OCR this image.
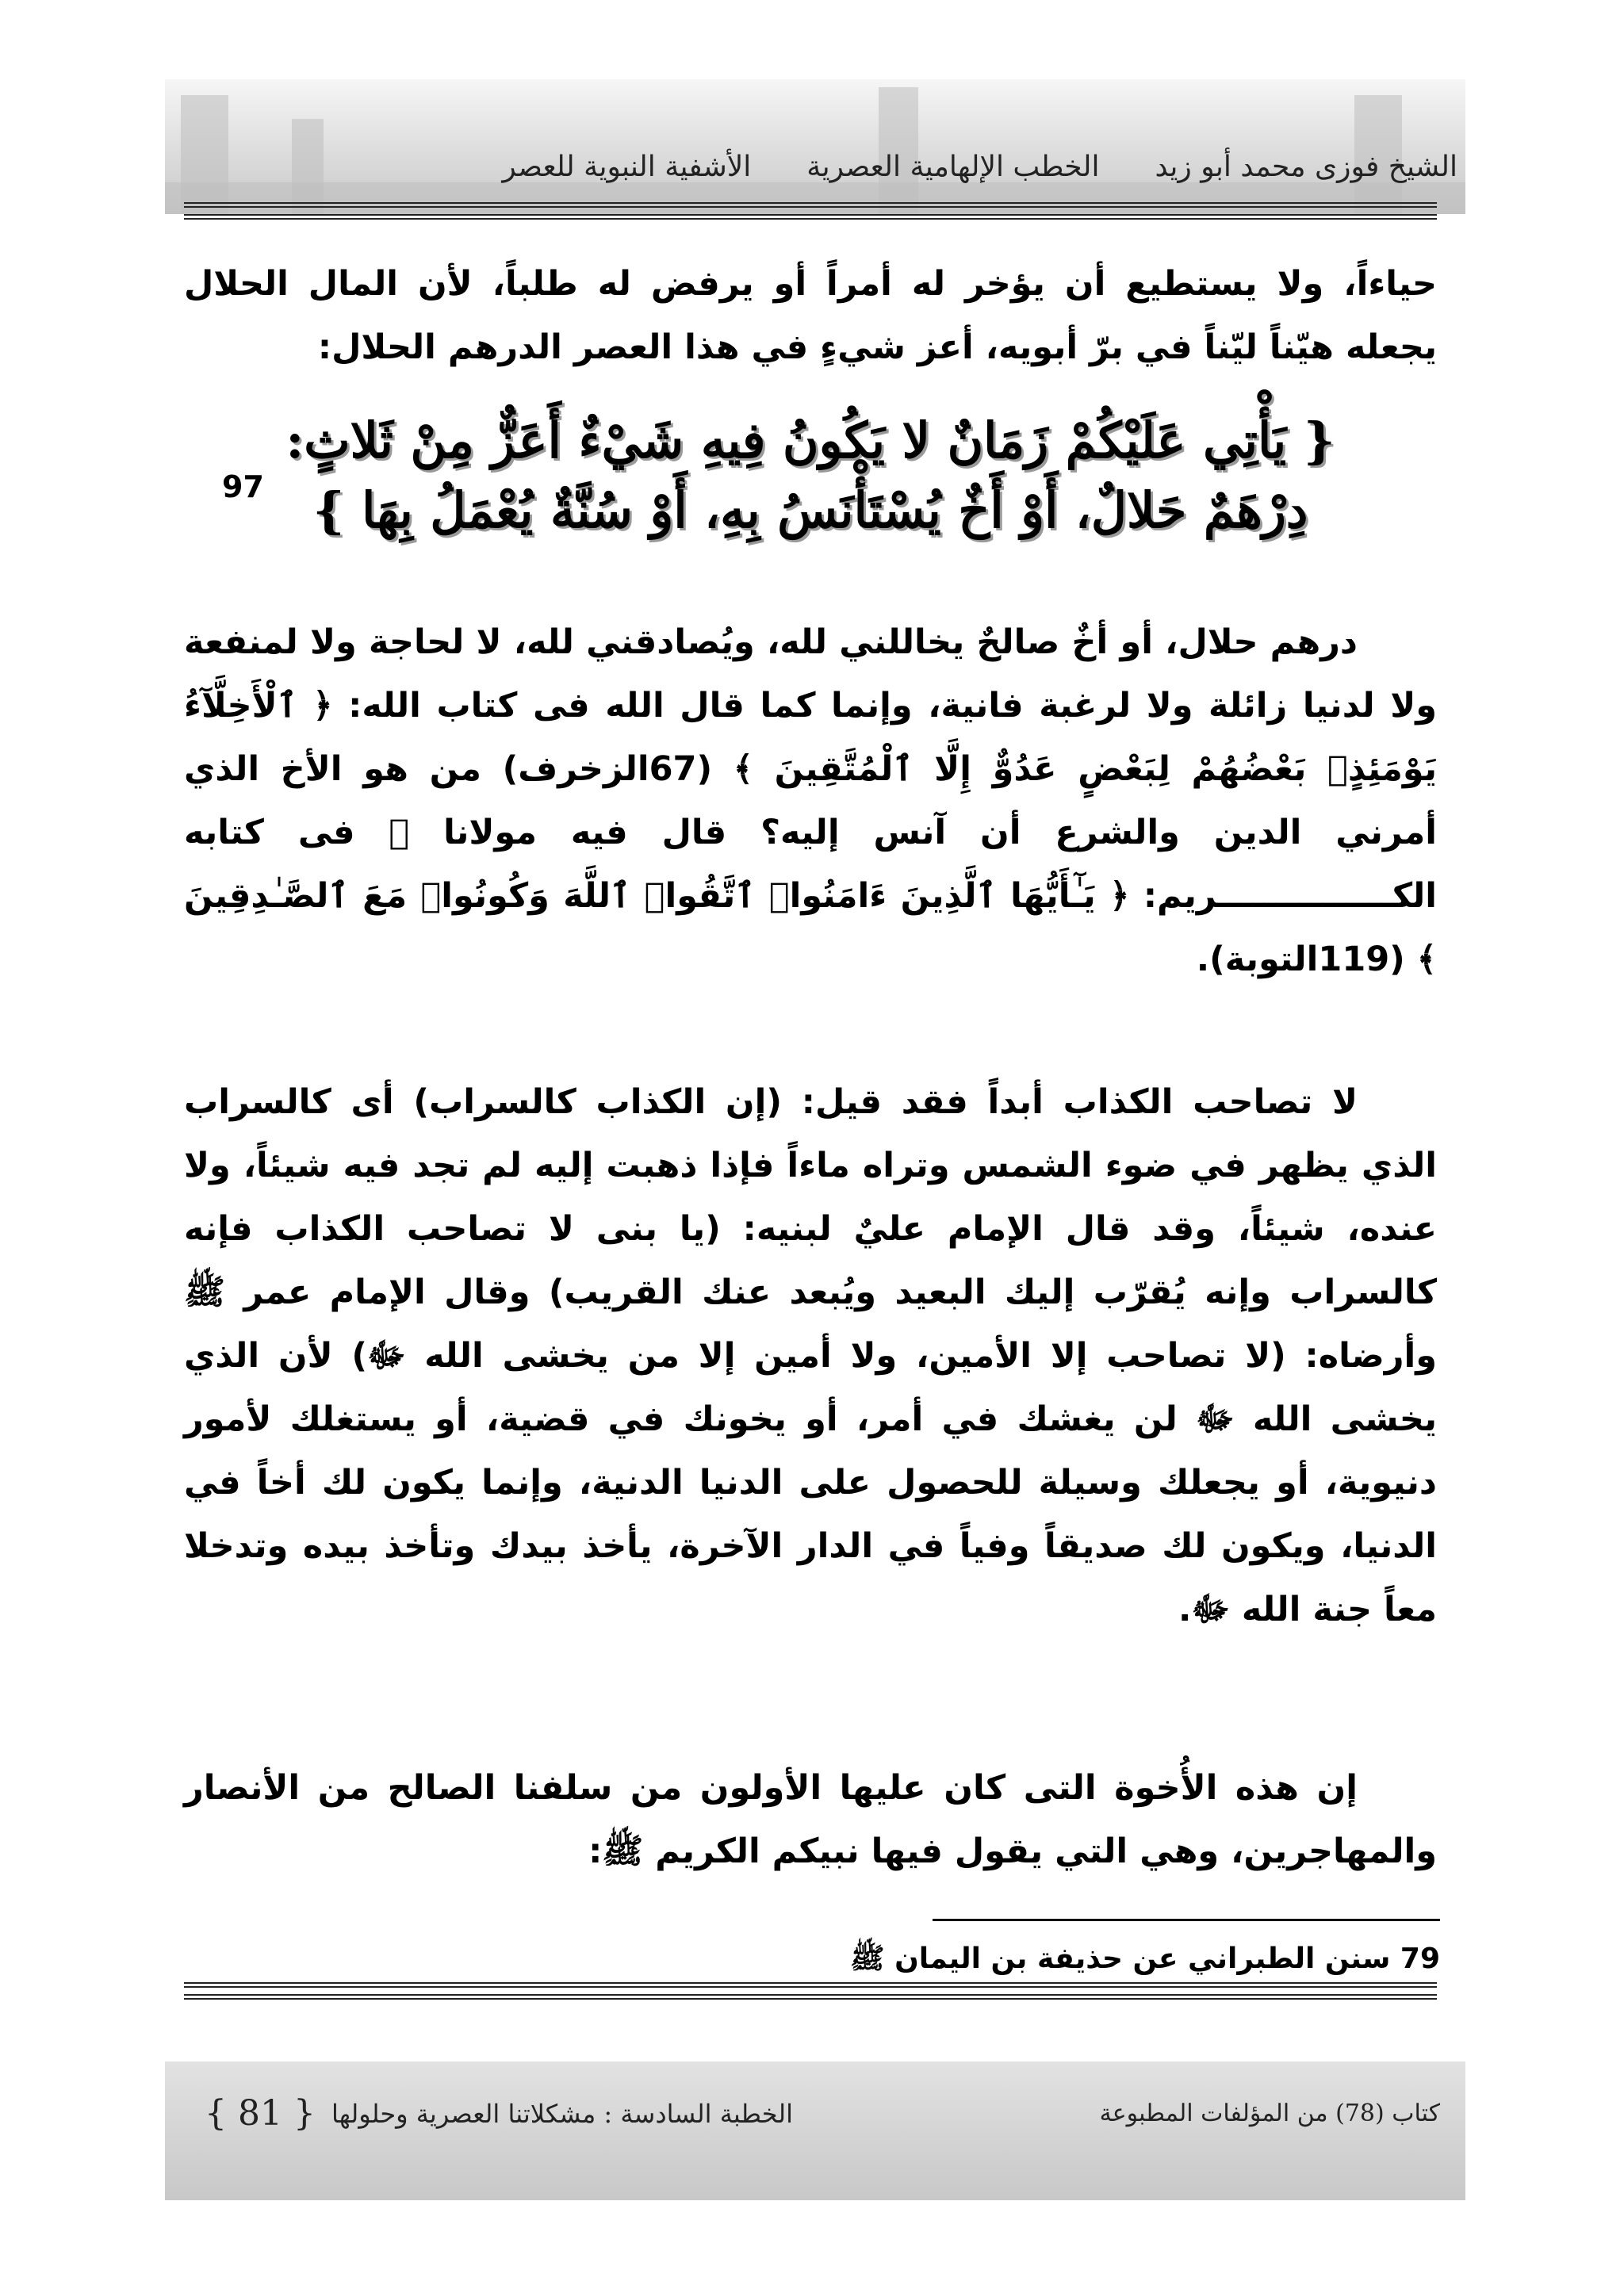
الشيخ فوزى محمد أبو زيد
الخطب الإلهامية العصرية
الأشفية النبوية للعصر
حياءاً، ولا يستطيع أن يؤخر له أمراً أو يرفض له طلباً، لأن المال الحلال
يجعله هيّناً ليّناً في برّ أبويه، أعز شيءٍ في هذا العصر الدرهم الحلال:
{ يَأْتِي عَلَيْكُمْ زَمَانٌ لا يَكُونُ فِيهِ شَيْءٌ أَعَزٌّ مِنْ ثَلاثٍ:
دِرْهَمٌ حَلالٌ، أَوْ أَخٌ يُسْتَأْنَسُ بِهِ، أَوْ سُنَّةٌ يُعْمَلُ بِهَا }
97
درهم حلال، أو أخٌ صالحٌ يخاللني لله، ويُصادقني لله، لا لحاجة ولا لمنفعة ولا لدنيا زائلة ولا لرغبة فانية، وإنما كما قال الله فى كتاب الله: ﴿ ٱلْأَخِلَّآءُ يَوْمَئِذٍۭ بَعْضُهُمْ لِبَعْضٍ عَدُوٌّ إِلَّا ٱلْمُتَّقِينَ ﴾ (67الزخرف) من هو الأخ الذي أمرني الدين والشرع أن آنس إليه؟ قال فيه مولانا ﷻ فى كتابه الكـــــــــــــــريم: ﴿ يَـٰٓأَيُّهَا ٱلَّذِينَ ءَامَنُوا۟ ٱتَّقُوا۟ ٱللَّهَ وَكُونُوا۟ مَعَ ٱلصَّـٰدِقِينَ ﴾ (119التوبة).
لا تصاحب الكذاب أبداً فقد قيل: (إن الكذاب كالسراب) أى كالسراب الذي يظهر في ضوء الشمس وتراه ماءاً فإذا ذهبت إليه لم تجد فيه شيئاً، ولا عنده، شيئاً، وقد قال الإمام عليٌ لبنيه: (يا بنى لا تصاحب الكذاب فإنه كالسراب وإنه يُقرّب إليك البعيد ويُبعد عنك القريب) وقال الإمام عمر ﷺ وأرضاه: (لا تصاحب إلا الأمين، ولا أمين إلا من يخشى الله ﷻ) لأن الذي يخشى الله ﷻ لن يغشك في أمر، أو يخونك في قضية، أو يستغلك لأمور دنيوية، أو يجعلك وسيلة للحصول على الدنيا الدنية، وإنما يكون لك أخاً في الدنيا، ويكون لك صديقاً وفياً في الدار الآخرة، يأخذ بيدك وتأخذ بيده وتدخلا معاً جنة الله ﷻ.
إن هذه الأُخوة التى كان عليها الأولون من سلفنا الصالح من الأنصار والمهاجرين، وهي التي يقول فيها نبيكم الكريم ﷺ:
79 سنن الطبراني عن حذيفة بن اليمان ﷺ
كتاب (78) من المؤلفات المطبوعة
الخطبة السادسة : مشكلاتنا العصرية وحلولها
{ 81 }
